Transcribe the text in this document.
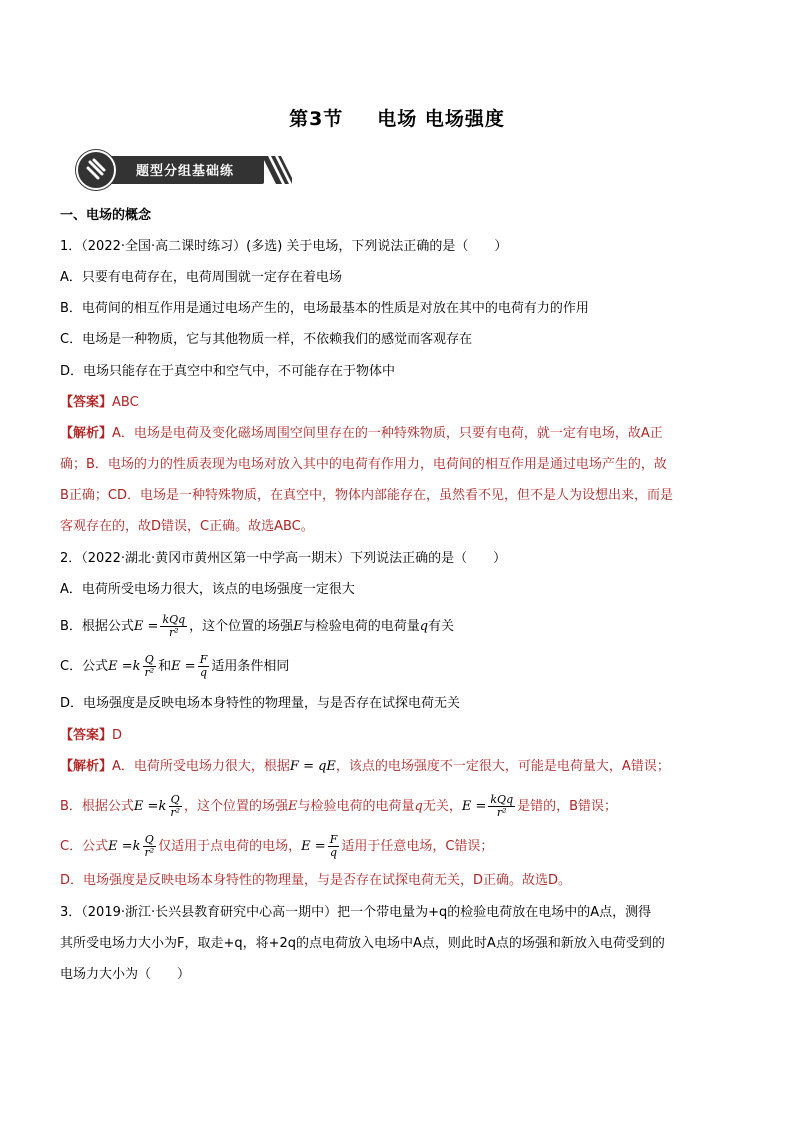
第3节 电场 电场强度
题型分组基础练
一、电场的概念
1．（2022·全国·高二课时练习）(多选) 关于电场，下列说法正确的是（　　）
A．只要有电荷存在，电荷周围就一定存在着电场
B．电荷间的相互作用是通过电场产生的，电场最基本的性质是对放在其中的电荷有力的作用
C．电场是一种物质，它与其他物质一样，不依赖我们的感觉而客观存在
D．电场只能存在于真空中和空气中，不可能存在于物体中
【答案】ABC
【解析】A．电场是电荷及变化磁场周围空间里存在的一种特殊物质，只要有电荷，就一定有电场，故A正
确；B．电场的力的性质表现为电场对放入其中的电荷有作用力，电荷间的相互作用是通过电场产生的，故
B正确；CD．电场是一种特殊物质，在真空中，物体内部能存在，虽然看不见，但不是人为设想出来，而是
客观存在的，故D错误，C正确。故选ABC。
2．（2022·湖北·黄冈市黄州区第一中学高一期末）下列说法正确的是（　　）
A．电荷所受电场力很大，该点的电场强度一定很大
B．根据公式$E = \frac{\text{kQq}}{\text{r²}}$ ，这个位置的场强E与检验电荷的电荷量q有关
C．公式$E =k \frac{Q}{\text{r²}}$ 和$E = \frac{F}{q}$ 适用条件相同
D．电场强度是反映电场本身特性的物理量，与是否存在试探电荷无关
【答案】D
【解析】A．电荷所受电场力很大，根据F = qE，该点的电场强度不一定很大，可能是电荷量大，A错误；
B．根据公式$E =k \frac{Q}{\text{r²}}$ ，这个位置的场强E与检验电荷的电荷量q无关，$E = \frac{\text{kQq}}{\text{r²}}$ 是错的，B错误；
C．公式$E =k \frac{Q}{\text{r²}}$ 仅适用于点电荷的电场，$E = \frac{F}{q}$ 适用于任意电场，C错误；
D．电场强度是反映电场本身特性的物理量，与是否存在试探电荷无关，D正确。故选D。
3．（2019·浙江·长兴县教育研究中心高一期中）把一个带电量为+q的检验电荷放在电场中的A点，测得
其所受电场力大小为F，取走+q，将+2q的点电荷放入电场中A点，则此时A点的场强和新放入电荷受到的
电场力大小为（　　）
